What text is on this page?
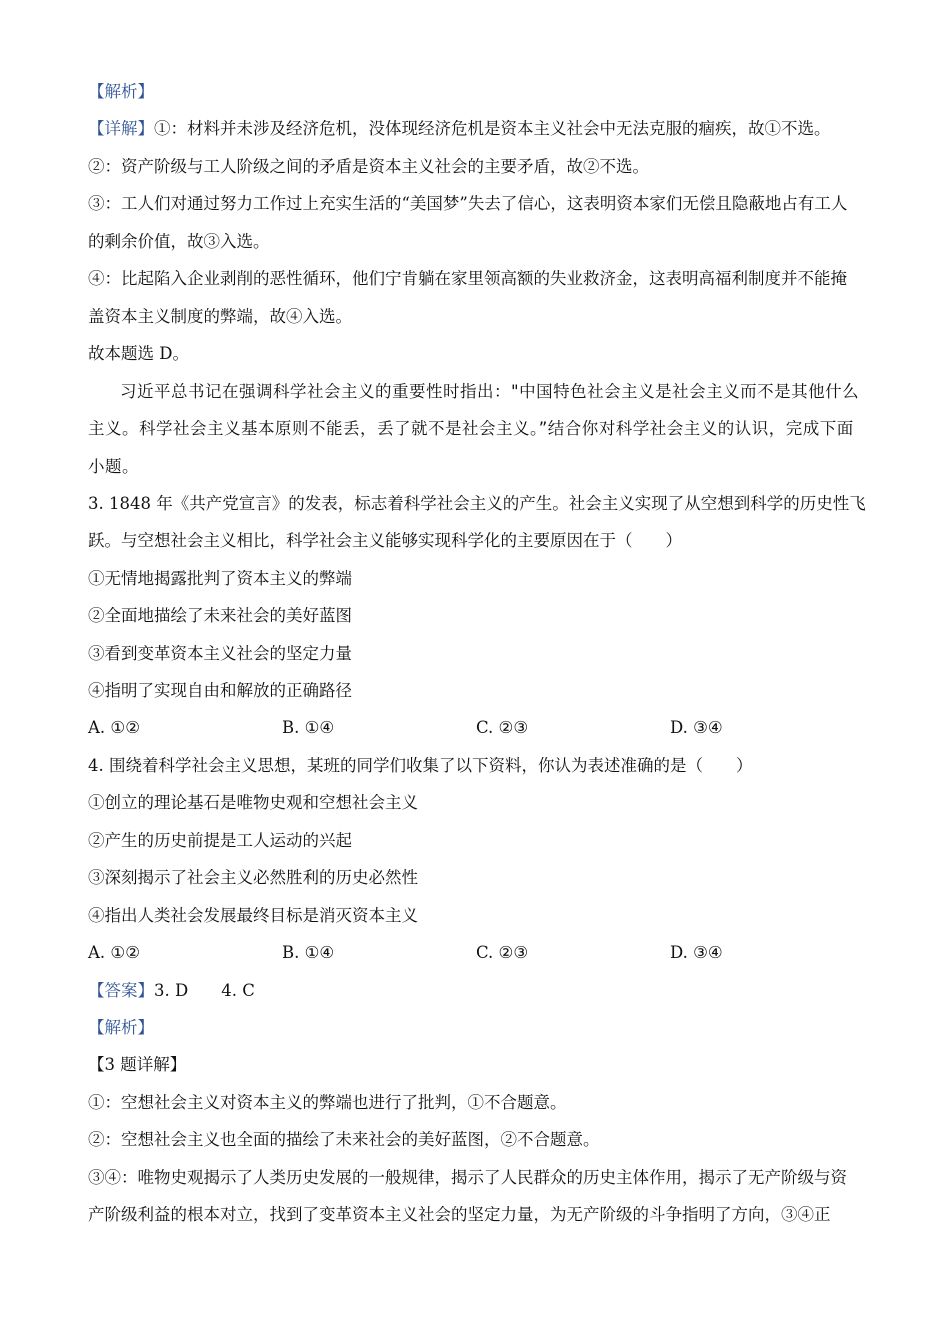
【解析】
【详解】①：材料并未涉及经济危机，没体现经济危机是资本主义社会中无法克服的痼疾，故①不选。
②：资产阶级与工人阶级之间的矛盾是资本主义社会的主要矛盾，故②不选。
③：工人们对通过努力工作过上充实生活的“美国梦”失去了信心，这表明资本家们无偿且隐蔽地占有工人
的剩余价值，故③入选。
④：比起陷入企业剥削的恶性循环，他们宁肯躺在家里领高额的失业救济金，这表明高福利制度并不能掩
盖资本主义制度的弊端，故④入选。
故本题选 D。
习近平总书记在强调科学社会主义的重要性时指出："中国特色社会主义是社会主义而不是其他什么
主义。科学社会主义基本原则不能丢，丢了就不是社会主义。”结合你对科学社会主义的认识，完成下面
小题。
3. 1848 年《共产党宣言》的发表，标志着科学社会主义的产生。社会主义实现了从空想到科学的历史性飞
跃。与空想社会主义相比，科学社会主义能够实现科学化的主要原因在于（　　）
①无情地揭露批判了资本主义的弊端
②全面地描绘了未来社会的美好蓝图
③看到变革资本主义社会的坚定力量
④指明了实现自由和解放的正确路径
A. ①②	B. ①④	C. ②③	D. ③④
4. 围绕着科学社会主义思想，某班的同学们收集了以下资料，你认为表述准确的是（　　）
①创立的理论基石是唯物史观和空想社会主义
②产生的历史前提是工人运动的兴起
③深刻揭示了社会主义必然胜利的历史必然性
④指出人类社会发展最终目标是消灭资本主义
A. ①②	B. ①④	C. ②③	D. ③④
【答案】3. D　　4. C
【解析】
【3 题详解】
①：空想社会主义对资本主义的弊端也进行了批判，①不合题意。
②：空想社会主义也全面的描绘了未来社会的美好蓝图，②不合题意。
③④：唯物史观揭示了人类历史发展的一般规律，揭示了人民群众的历史主体作用，揭示了无产阶级与资
产阶级利益的根本对立，找到了变革资本主义社会的坚定力量，为无产阶级的斗争指明了方向，③④正
